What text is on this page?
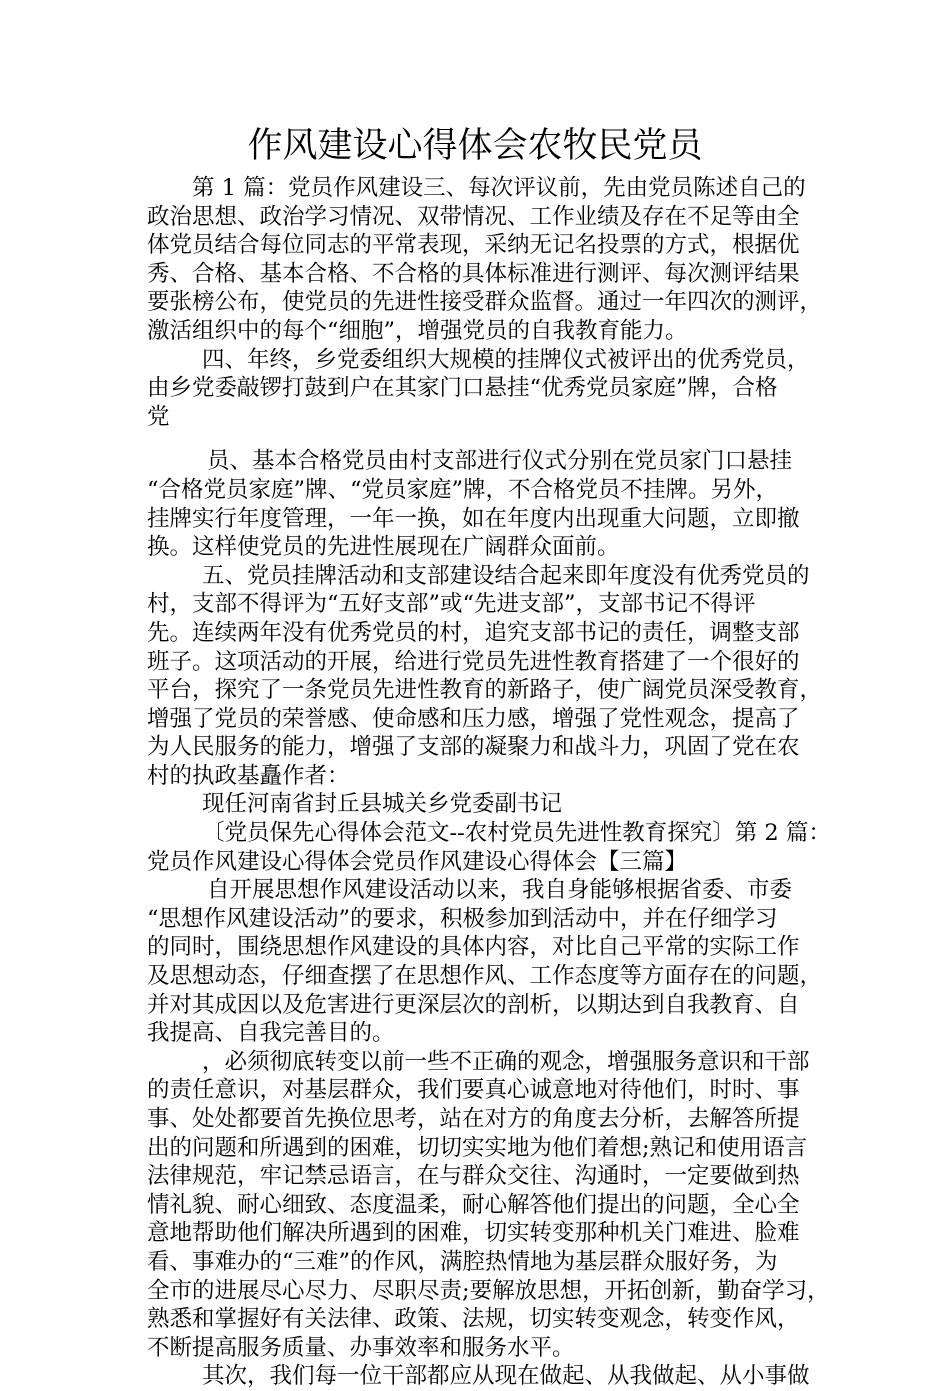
作风建设心得体会农牧民党员
第 1 篇：党员作风建设三、每次评议前，先由党员陈述自己的
政治思想、政治学习情况、双带情况、工作业绩及存在不足等由全
体党员结合每位同志的平常表现，采纳无记名投票的方式，根据优
秀、合格、基本合格、不合格的具体标准进行测评、每次测评结果
要张榜公布，使党员的先进性接受群众监督。通过一年四次的测评，
激活组织中的每个“细胞”，增强党员的自我教育能力。
四、年终，乡党委组织大规模的挂牌仪式被评出的优秀党员，
由乡党委敲锣打鼓到户在其家门口悬挂“优秀党员家庭”牌，合格
党
员、基本合格党员由村支部进行仪式分别在党员家门口悬挂
“合格党员家庭”牌、“党员家庭”牌，不合格党员不挂牌。另外，
挂牌实行年度管理，一年一换，如在年度内出现重大问题，立即撤
换。这样使党员的先进性展现在广阔群众面前。
五、党员挂牌活动和支部建设结合起来即年度没有优秀党员的
村，支部不得评为“五好支部”或“先进支部”，支部书记不得评
先。连续两年没有优秀党员的村，追究支部书记的责任，调整支部
班子。这项活动的开展，给进行党员先进性教育搭建了一个很好的
平台，探究了一条党员先进性教育的新路子，使广阔党员深受教育，
增强了党员的荣誉感、使命感和压力感，增强了党性观念，提高了
为人民服务的能力，增强了支部的凝聚力和战斗力，巩固了党在农
村的执政基矗作者：
现任河南省封丘县城关乡党委副书记
〔党员保先心得体会范文--农村党员先进性教育探究〕第 2 篇：
党员作风建设心得体会党员作风建设心得体会【三篇】
自开展思想作风建设活动以来，我自身能够根据省委、市委
“思想作风建设活动”的要求，积极参加到活动中，并在仔细学习
的同时，围绕思想作风建设的具体内容，对比自己平常的实际工作
及思想动态，仔细查摆了在思想作风、工作态度等方面存在的问题，
并对其成因以及危害进行更深层次的剖析，以期达到自我教育、自
我提高、自我完善目的。
，必须彻底转变以前一些不正确的观念，增强服务意识和干部
的责任意识，对基层群众，我们要真心诚意地对待他们，时时、事
事、处处都要首先换位思考，站在对方的角度去分析，去解答所提
出的问题和所遇到的困难，切切实实地为他们着想;熟记和使用语言
法律规范，牢记禁忌语言，在与群众交往、沟通时，一定要做到热
情礼貌、耐心细致、态度温柔，耐心解答他们提出的问题，全心全
意地帮助他们解决所遇到的困难，切实转变那种机关门难进、脸难
看、事难办的“三难”的作风，满腔热情地为基层群众服好务，为
全市的进展尽心尽力、尽职尽责;要解放思想，开拓创新，勤奋学习，
熟悉和掌握好有关法律、政策、法规，切实转变观念，转变作风，
不断提高服务质量、办事效率和服务水平。
其次，我们每一位干部都应从现在做起、从我做起、从小事做
